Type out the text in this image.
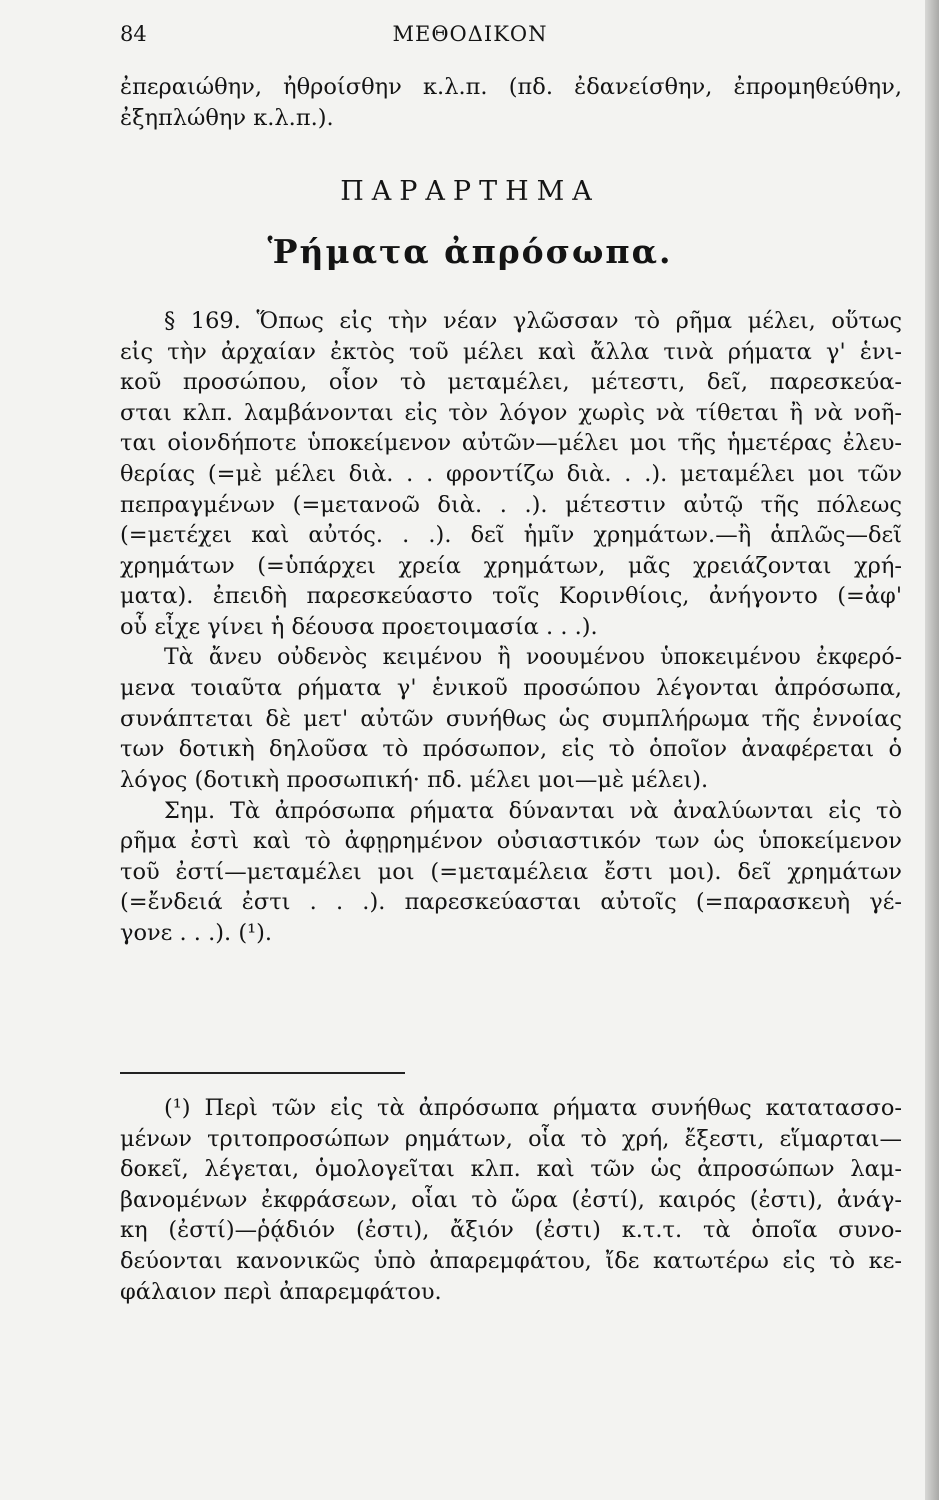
84	ΜΕΘΟΔΙΚΟΝ
ἐπεραιώθην, ἠθροίσθην κ.λ.π. (πδ. ἐδανείσθην, ἐπρομηθεύθην,
ἐξηπλώθην κ.λ.π.).
ΠΑΡΑΡΤΗΜΑ
Ῥήματα ἀπρόσωπα.
§ 169. Ὅπως εἰς τὴν νέαν γλῶσσαν τὸ ρῆμα μέλει, οὕτως
εἰς τὴν ἀρχαίαν ἐκτὸς τοῦ μέλει καὶ ἄλλα τινὰ ρήματα γ' ἑνι-
κοῦ προσώπου, οἷον τὸ μεταμέλει, μέτεστι, δεῖ, παρεσκεύα-
σται κλπ. λαμβάνονται εἰς τὸν λόγον χωρὶς νὰ τίθεται ἢ νὰ νοῆ-
ται οἱονδήποτε ὑποκείμενον αὐτῶν—μέλει μοι τῆς ἡμετέρας ἐλευ-
θερίας (=μὲ μέλει διὰ. . . φροντίζω διὰ. . .). μεταμέλει μοι τῶν
πεπραγμένων (=μετανοῶ διὰ. . .). μέτεστιν αὐτῷ τῆς πόλεως
(=μετέχει καὶ αὐτός. . .). δεῖ ἡμῖν χρημάτων.—ἢ ἁπλῶς—δεῖ
χρημάτων (=ὑπάρχει χρεία χρημάτων, μᾶς χρειάζονται χρή-
ματα). ἐπειδὴ παρεσκεύαστο τοῖς Κορινθίοις, ἀνήγοντο (=ἀφ'
οὗ εἶχε γίνει ἡ δέουσα προετοιμασία . . .).
Τὰ ἄνευ οὐδενὸς κειμένου ἢ νοουμένου ὑποκειμένου ἐκφερό-
μενα τοιαῦτα ρήματα γ' ἑνικοῦ προσώπου λέγονται ἀπρόσωπα,
συνάπτεται δὲ μετ' αὐτῶν συνήθως ὡς συμπλήρωμα τῆς ἐννοίας
των δοτικὴ δηλοῦσα τὸ πρόσωπον, εἰς τὸ ὁποῖον ἀναφέρεται ὁ
λόγος (δοτικὴ προσωπική· πδ. μέλει μοι—μὲ μέλει).
Σημ. Τὰ ἀπρόσωπα ρήματα δύνανται νὰ ἀναλύωνται εἰς τὸ
ρῆμα ἐστὶ καὶ τὸ ἀφῃρημένον οὐσιαστικόν των ὡς ὑποκείμενον
τοῦ ἐστί—μεταμέλει μοι (=μεταμέλεια ἔστι μοι). δεῖ χρημάτων
(=ἔνδειά ἐστι . . .). παρεσκεύασται αὐτοῖς (=παρασκευὴ γέ-
γονε . . .). (¹).
(¹) Περὶ τῶν εἰς τὰ ἀπρόσωπα ρήματα συνήθως κατατασσο-
μένων τριτοπροσώπων ρημάτων, οἷα τὸ χρή, ἔξεστι, εἵμαρται—
δοκεῖ, λέγεται, ὁμολογεῖται κλπ. καὶ τῶν ὡς ἀπροσώπων λαμ-
βανομένων ἐκφράσεων, οἷαι τὸ ὥρα (ἐστί), καιρός (ἐστι), ἀνάγ-
κη (ἐστί)—ῥᾴδιόν (ἐστι), ἄξιόν (ἐστι) κ.τ.τ. τὰ ὁποῖα συνο-
δεύονται κανονικῶς ὑπὸ ἀπαρεμφάτου, ἴδε κατωτέρω εἰς τὸ κε-
φάλαιον περὶ ἀπαρεμφάτου.
